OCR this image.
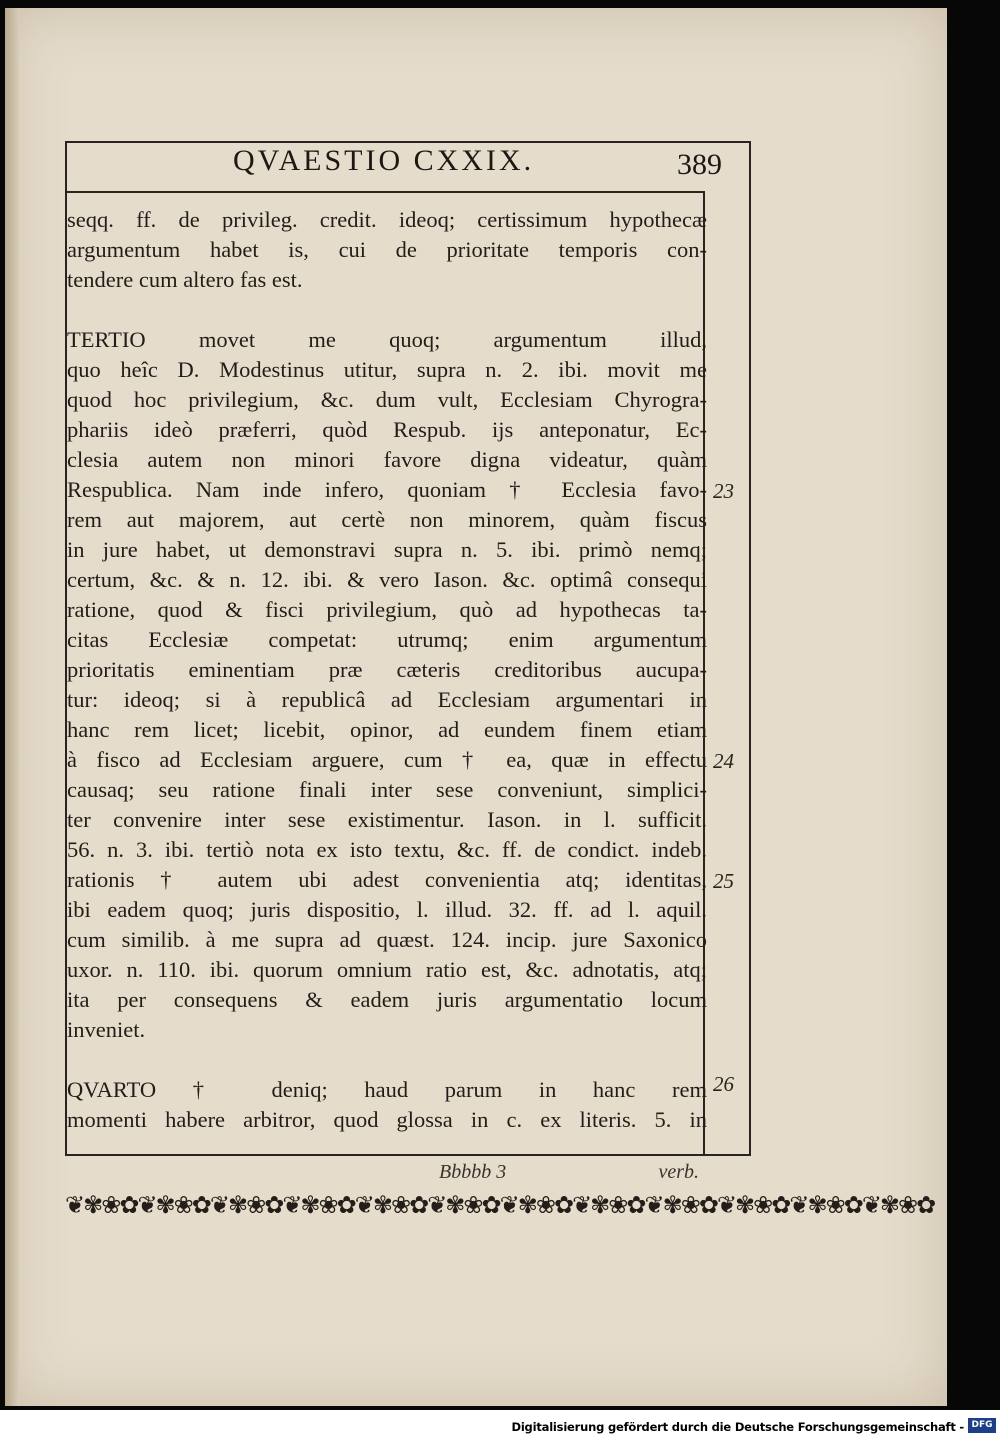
QVAESTIO CXXIX.	389
seqq. ff. de privileg. credit. ideoq; certissimum hypothecæ
argumentum habet is, cui de prioritate temporis con-
tendere cum altero fas est.
TERTIO movet me quoq; argumentum illud,
quo heîc D. Modestinus utitur, supra n. 2. ibi. movit me
quod hoc privilegium, &c. dum vult, Ecclesiam Chyrogra-
phariis ideò præferri, quòd Respub. ijs anteponatur, Ec-
clesia autem non minori favore digna videatur, quàm
Respublica. Nam inde infero, quoniam † Ecclesia favo-
rem aut majorem, aut certè non minorem, quàm fiscus
in jure habet, ut demonstravi supra n. 5. ibi. primò nemq;
certum, &c. & n. 12. ibi. & vero Iason. &c. optimâ consequi
ratione, quod & fisci privilegium, quò ad hypothecas ta-
citas Ecclesiæ competat: utrumq; enim argumentum
prioritatis eminentiam præ cæteris creditoribus aucupa-
tur: ideoq; si à republicâ ad Ecclesiam argumentari in
hanc rem licet; licebit, opinor, ad eundem finem etiam
à fisco ad Ecclesiam arguere, cum † ea, quæ in effectu
causaq; seu ratione finali inter sese conveniunt, simplici-
ter convenire inter sese existimentur. Iason. in l. sufficit.
56. n. 3. ibi. tertiò nota ex isto textu, &c. ff. de condict. indeb.
rationis † autem ubi adest convenientia atq; identitas,
ibi eadem quoq; juris dispositio, l. illud. 32. ff. ad l. aquil.
cum similib. à me supra ad quæst. 124. incip. jure Saxonico
uxor. n. 110. ibi. quorum omnium ratio est, &c. adnotatis, atq;
ita per consequens & eadem juris argumentatio locum
inveniet.
QVARTO † deniq; haud parum in hanc rem
momenti habere arbitror, quod glossa in c. ex literis. 5. in
23
24
25
26
Bbbbb 3	verb.
❦✾❀✿❦✾❀✿❦✾❀✿❦✾❀✿❦✾❀✿❦✾❀✿❦✾❀✿❦✾❀✿❦✾❀✿❦✾❀✿❦✾❀✿❦✾❀✿
Digitalisierung gefördert durch die Deutsche Forschungsgemeinschaft - DFG
